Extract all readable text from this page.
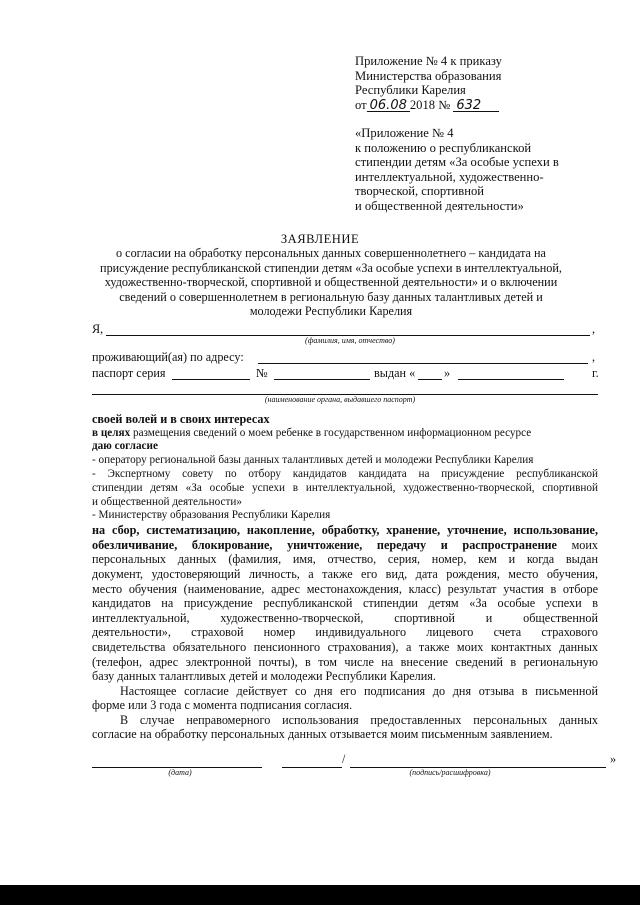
Приложение № 4 к приказу
Министерства образования
Республики Карелия
от 06.08 2018 № 632
«Приложение № 4
к положению о республиканской
стипендии детям «За особые успехи в
интеллектуальной, художественно-
творческой, спортивной
и общественной деятельности»
ЗАЯВЛЕНИЕ
о согласии на обработку персональных данных совершеннолетнего – кандидата на
присуждение республиканской стипендии детям «За особые успехи в интеллектуальной,
художественно-творческой, спортивной и общественной деятельности» и о включении
сведений о совершеннолетнем в региональную базу данных талантливых детей и
молодежи Республики Карелия
Я,	,
(фамилия, имя, отчество)
проживающий(ая) по адресу:	,
паспорт серия	№	выдан « »	г.
(наименование органа, выдавшего паспорт)
своей волей и в своих интересах
в целях размещения сведений о моем ребенке в государственном информационном ресурсе
даю согласие
- оператору региональной базы данных талантливых детей и молодежи Республики Карелия
- Экспертному совету по отбору кандидатов кандидата на присуждение республиканской
стипендии детям «За особые успехи в интеллектуальной, художественно-творческой, спортивной
и общественной деятельности»
- Министерству образования Республики Карелия
на сбор, систематизацию, накопление, обработку, хранение, уточнение, использование,
обезличивание, блокирование, уничтожение, передачу и распространение моих
персональных данных (фамилия, имя, отчество, серия, номер, кем и когда выдан
документ, удостоверяющий личность, а также его вид, дата рождения, место обучения,
место обучения (наименование, адрес местонахождения, класс) результат участия в отборе
кандидатов на присуждение республиканской стипендии детям «За особые успехи в
интеллектуальной, художественно-творческой, спортивной и общественной
деятельности», страховой номер индивидуального лицевого счета страхового
свидетельства обязательного пенсионного страхования), а также моих контактных данных
(телефон, адрес электронной почты), в том числе на внесение сведений в региональную
базу данных талантливых детей и молодежи Республики Карелия.
Настоящее согласие действует со дня его подписания до дня отзыва в письменной
форме или 3 года с момента подписания согласия.
В случае неправомерного использования предоставленных персональных данных
согласие на обработку персональных данных отзывается моим письменным заявлением.
(дата)
/
(подпись/расшифровка)
»
